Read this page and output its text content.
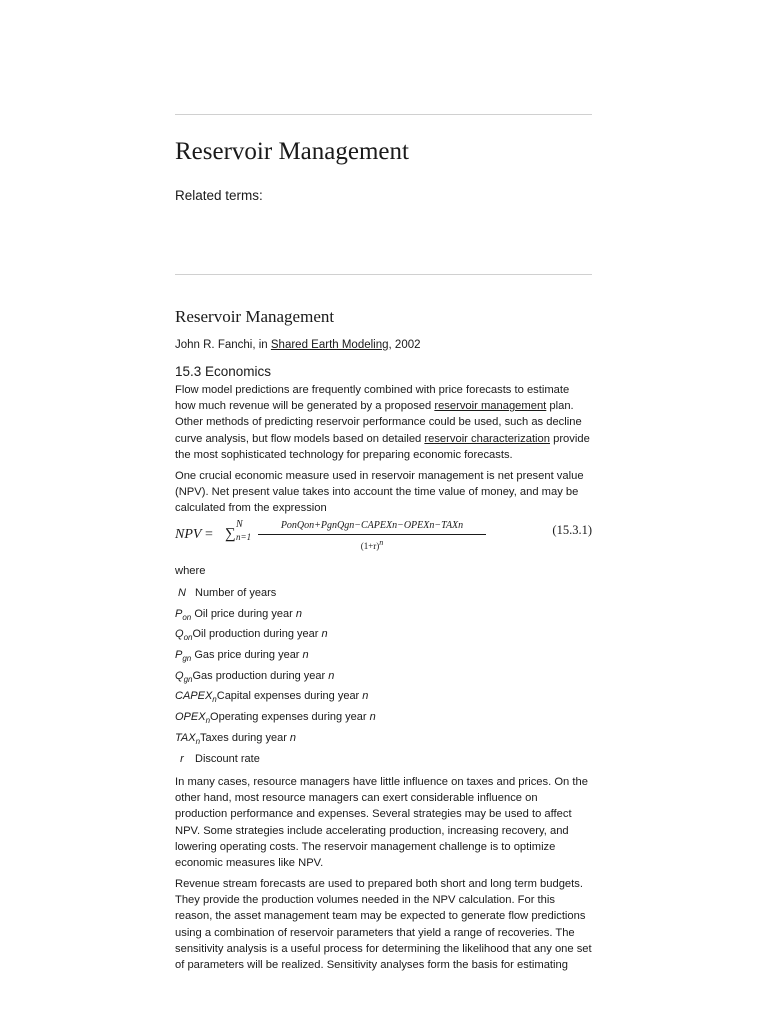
Reservoir Management
Related terms:
Reservoir Management
John R. Fanchi, in Shared Earth Modeling, 2002
15.3 Economics

Flow model predictions are frequently combined with price forecasts to estimate how much revenue will be generated by a proposed reservoir management plan. Other methods of predicting reservoir performance could be used, such as decline curve analysis, but flow models based on detailed reservoir characterization provide the most sophisticated technology for preparing economic forecasts.

One crucial economic measure used in reservoir management is net present value (NPV). Net present value takes into account the time value of money, and may be calculated from the expression

NPV = ∑
N
n=1
PonQon+PgnQgn−CAPEXn−OPEXn−TAXn
$(1+r)^n$
(15.3.1)
where
N Number of years
$P_{on}$ Oil price during year n
$Q_{on}Oil$ production during year n
$P_{gn}$ Gas price during year n
$Q_{gn}Gas$ production during year n
$CAPEX_nCapital$ expenses during year n
$OPEX_nOperating$ expenses during year n
$TAX_nTaxes$ during year n
r Discount rate

In many cases, resource managers have little influence on taxes and prices. On the other hand, most resource managers can exert considerable influence on production performance and expenses. Several strategies may be used to affect NPV. Some strategies include accelerating production, increasing recovery, and lowering operating costs. The reservoir management challenge is to optimize economic measures like NPV.

Revenue stream forecasts are used to prepared both short and long term budgets. They provide the production volumes needed in the NPV calculation. For this reason, the asset management team may be expected to generate flow predictions using a combination of reservoir parameters that yield a range of recoveries. The sensitivity analysis is a useful process for determining the likelihood that any one set of parameters will be realized. Sensitivity analyses form the basis for estimating
